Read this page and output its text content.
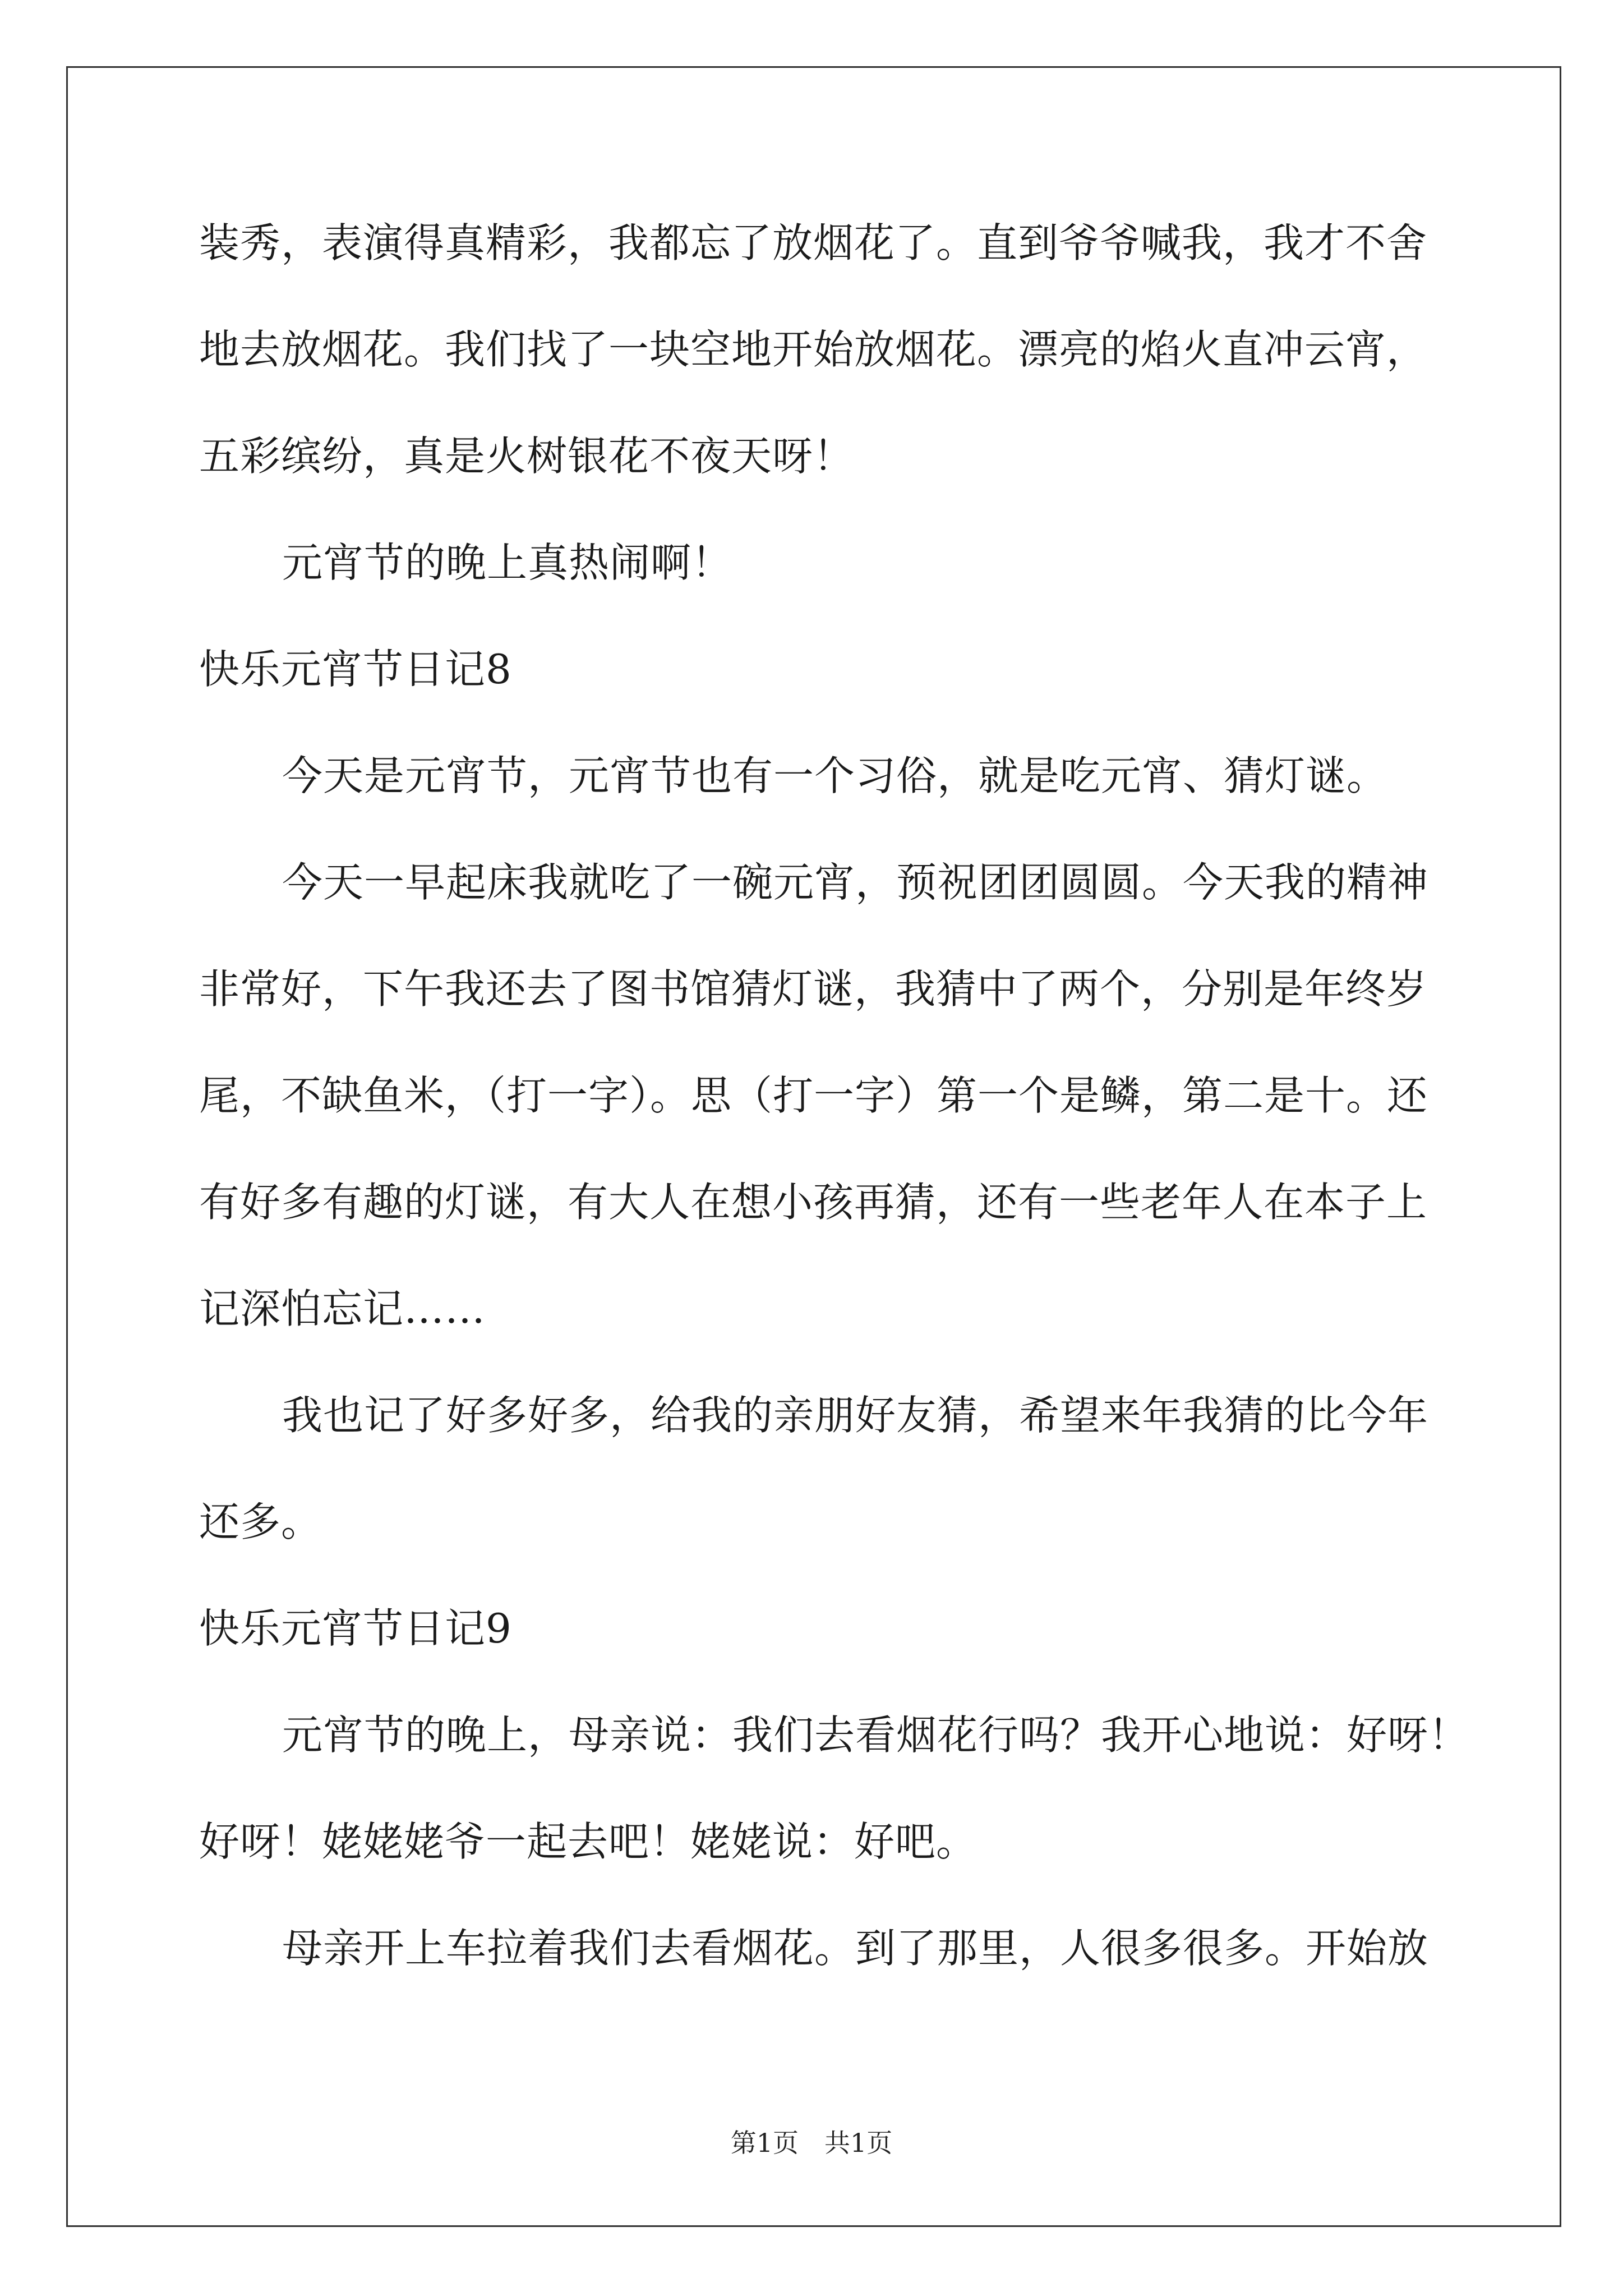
装秀，表演得真精彩，我都忘了放烟花了。直到爷爷喊我，我才不舍
地去放烟花。我们找了一块空地开始放烟花。漂亮的焰火直冲云宵，
五彩缤纷，真是火树银花不夜天呀！
元宵节的晚上真热闹啊！
快乐元宵节日记8
今天是元宵节，元宵节也有一个习俗，就是吃元宵、猜灯谜。
今天一早起床我就吃了一碗元宵，预祝团团圆圆。今天我的精神
非常好，下午我还去了图书馆猜灯谜，我猜中了两个，分别是年终岁
尾，不缺鱼米，（打一字）。思（打一字）第一个是鳞，第二是十。还
有好多有趣的灯谜，有大人在想小孩再猜，还有一些老年人在本子上
记深怕忘记……
我也记了好多好多，给我的亲朋好友猜，希望来年我猜的比今年
还多。
快乐元宵节日记9
元宵节的晚上，母亲说：我们去看烟花行吗？我开心地说：好呀！
好呀！姥姥姥爷一起去吧！姥姥说：好吧。
母亲开上车拉着我们去看烟花。到了那里，人很多很多。开始放
第1页　共1页
